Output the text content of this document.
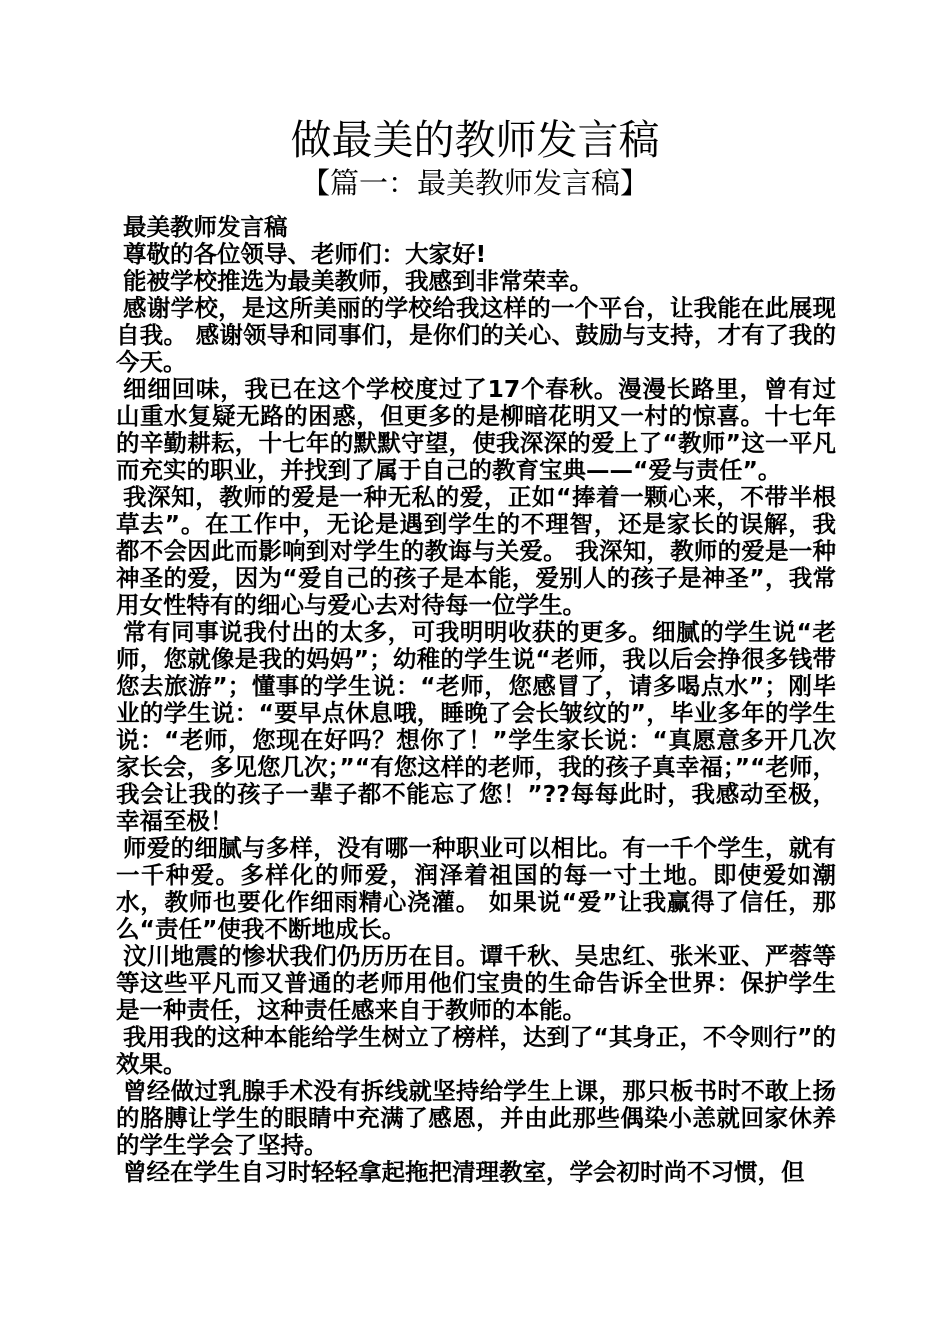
做最美的教师发言稿
【篇一：最美教师发言稿】

最美教师发言稿

尊敬的各位领导、老师们：大家好!

能被学校推选为最美教师，我感到非常荣幸。

感谢学校，是这所美丽的学校给我这样的一个平台，让我能在此展现自我。 感谢领导和同事们，是你们的关心、鼓励与支持，才有了我的今天。

细细回味，我已在这个学校度过了17个春秋。漫漫长路里，曾有过山重水复疑无路的困惑，但更多的是柳暗花明又一村的惊喜。十七年的辛勤耕耘，十七年的默默守望，使我深深的爱上了“教师”这一平凡而充实的职业，并找到了属于自己的教育宝典——“爱与责任”。

我深知，教师的爱是一种无私的爱，正如“捧着一颗心来，不带半根草去”。在工作中，无论是遇到学生的不理智，还是家长的误解，我都不会因此而影响到对学生的教诲与关爱。 我深知，教师的爱是一种神圣的爱，因为“爱自己的孩子是本能，爱别人的孩子是神圣”，我常用女性特有的细心与爱心去对待每一位学生。

常有同事说我付出的太多，可我明明收获的更多。细腻的学生说“老师，您就像是我的妈妈”；幼稚的学生说“老师，我以后会挣很多钱带您去旅游”；懂事的学生说：“老师，您感冒了，请多喝点水”；刚毕业的学生说：“要早点休息哦，睡晚了会长皱纹的”，毕业多年的学生说：“老师，您现在好吗？想你了！”学生家长说：“真愿意多开几次家长会，多见您几次；”“有您这样的老师，我的孩子真幸福；”“老师，我会让我的孩子一辈子都不能忘了您！”??每每此时，我感动至极，幸福至极！

师爱的细腻与多样，没有哪一种职业可以相比。有一千个学生，就有一千种爱。多样化的师爱，润泽着祖国的每一寸土地。即使爱如潮水，教师也要化作细雨精心浇灌。 如果说“爱”让我赢得了信任，那么“责任”使我不断地成长。

汶川地震的惨状我们仍历历在目。谭千秋、吴忠红、张米亚、严蓉等等这些平凡而又普通的老师用他们宝贵的生命告诉全世界：保护学生是一种责任，这种责任感来自于教师的本能。

我用我的这种本能给学生树立了榜样，达到了“其身正，不令则行”的效果。

曾经做过乳腺手术没有拆线就坚持给学生上课，那只板书时不敢上扬的胳膊让学生的眼睛中充满了感恩，并由此那些偶染小恙就回家休养的学生学会了坚持。

曾经在学生自习时轻轻拿起拖把清理教室，学会初时尚不习惯，但
